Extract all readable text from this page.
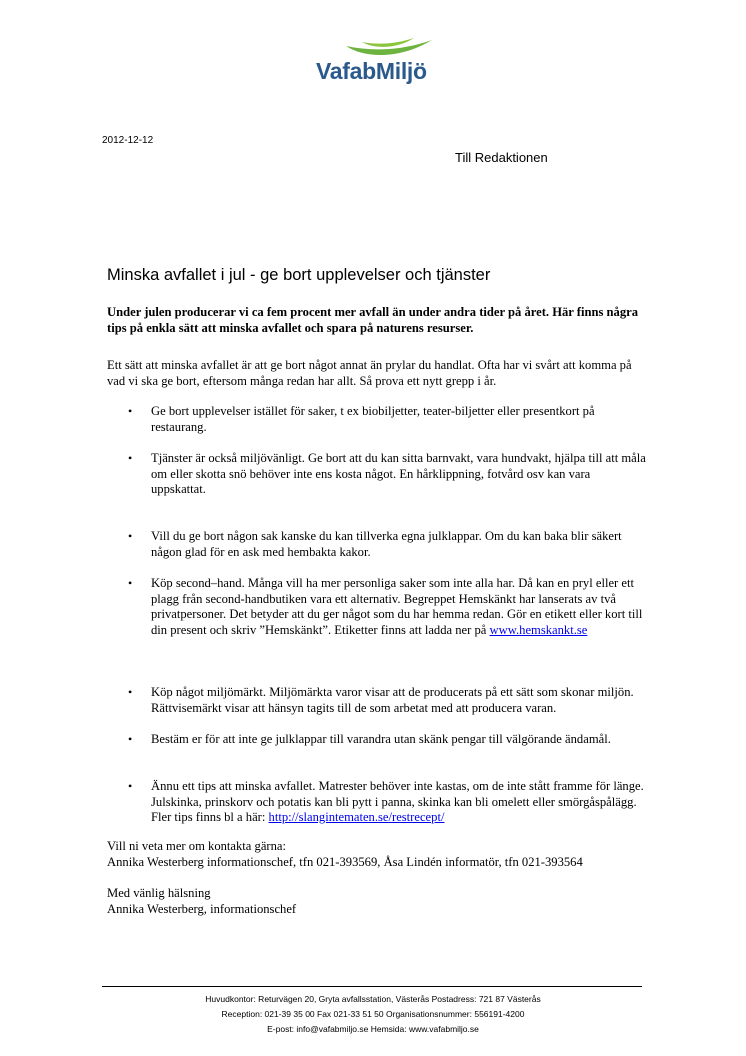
VafabMiljö
2012-12-12
Till Redaktionen
Minska avfallet i jul - ge bort upplevelser och tjänster

Under julen producerar vi ca fem procent mer avfall än under andra tider på året. Här finns några tips på enkla sätt att minska avfallet och spara på naturens resurser.

Ett sätt att minska avfallet är att ge bort något annat än prylar du handlat. Ofta har vi svårt att komma på vad vi ska ge bort, eftersom många redan har allt. Så prova ett nytt grepp i år.

• Ge bort upplevelser istället för saker, t ex biobiljetter, teater-biljetter eller presentkort på restaurang.
• Tjänster är också miljövänligt. Ge bort att du kan sitta barnvakt, vara hundvakt, hjälpa till att måla om eller skotta snö behöver inte ens kosta något. En hårklippning, fotvård osv kan vara uppskattat.
• Vill du ge bort någon sak kanske du kan tillverka egna julklappar. Om du kan baka blir säkert någon glad för en ask med hembakta kakor.
• Köp second–hand. Många vill ha mer personliga saker som inte alla har. Då kan en pryl eller ett plagg från second-handbutiken vara ett alternativ. Begreppet Hemskänkt har lanserats av två privatpersoner. Det betyder att du ger något som du har hemma redan. Gör en etikett eller kort till din present och skriv ”Hemskänkt”. Etiketter finns att ladda ner på www.hemskankt.se
• Köp något miljömärkt. Miljömärkta varor visar att de producerats på ett sätt som skonar miljön. Rättvisemärkt visar att hänsyn tagits till de som arbetat med att producera varan.
• Bestäm er för att inte ge julklappar till varandra utan skänk pengar till välgörande ändamål.
• Ännu ett tips att minska avfallet. Matrester behöver inte kastas, om de inte stått framme för länge. Julskinka, prinskorv och potatis kan bli pytt i panna, skinka kan bli omelett eller smörgåspålägg. Fler tips finns bl a här: http://slangintematen.se/restrecept/
Vill ni veta mer om kontakta gärna:
Annika Westerberg informationschef, tfn 021-393569, Åsa Lindén informatör, tfn 021-393564
Med vänlig hälsning
Annika Westerberg, informationschef
Huvudkontor: Returvägen 20, Gryta avfallsstation, Västerås Postadress: 721 87 Västerås
Reception: 021-39 35 00 Fax 021-33 51 50 Organisationsnummer: 556191-4200
E-post: info@vafabmiljo.se Hemsida: www.vafabmiljo.se
